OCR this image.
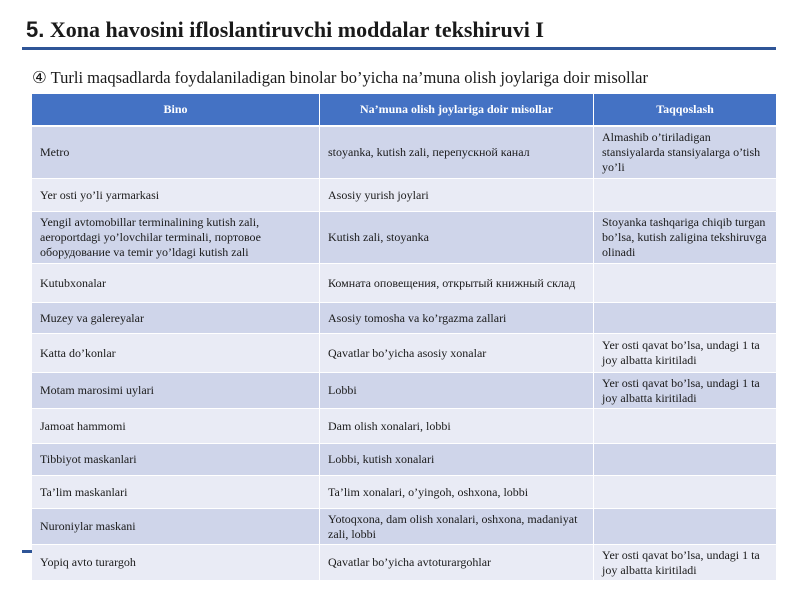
5. Xona havosini ifloslantiruvchi moddalar tekshiruvi I
④ Turli maqsadlarda foydalaniladigan binolar bo’yicha na’muna olish joylariga doir misollar
Bino	Na’muna olish joylariga doir misollar	Taqqoslash
Metro	stoyanka, kutish zali, перепускной канал	Almashib o’tiriladigan stansiyalarda stansiyalarga o’tish yo’li
Yer osti yo’li yarmarkasi	Asosiy yurish joylari	
Yengil avtomobillar terminalining kutish zali, aeroportdagi yo’lovchilar terminali, портовое оборудование va temir yo’ldagi kutish zali	Kutish zali, stoyanka	Stoyanka tashqariga chiqib turgan bo’lsa, kutish zaligina tekshiruvga olinadi
Kutubxonalar	Комната оповещения, открытый книжный склад	
Muzey va galereyalar	Asosiy tomosha va ko’rgazma zallari	
Katta do’konlar	Qavatlar bo’yicha asosiy xonalar	Yer osti qavat bo’lsa, undagi 1 ta joy albatta kiritiladi
Motam marosimi uylari	Lobbi	Yer osti qavat bo’lsa, undagi 1 ta joy albatta kiritiladi
Jamoat hammomi	Dam olish xonalari, lobbi	
Tibbiyot maskanlari	Lobbi, kutish xonalari	
Ta’lim maskanlari	Ta’lim xonalari, o’yingoh, oshxona, lobbi	
Nuroniylar maskani	Yotoqxona, dam olish xonalari, oshxona, madaniyat zali, lobbi	
Yopiq avto turargoh	Qavatlar bo’yicha avtoturargohlar	Yer osti qavat bo’lsa, undagi 1 ta joy albatta kiritiladi
